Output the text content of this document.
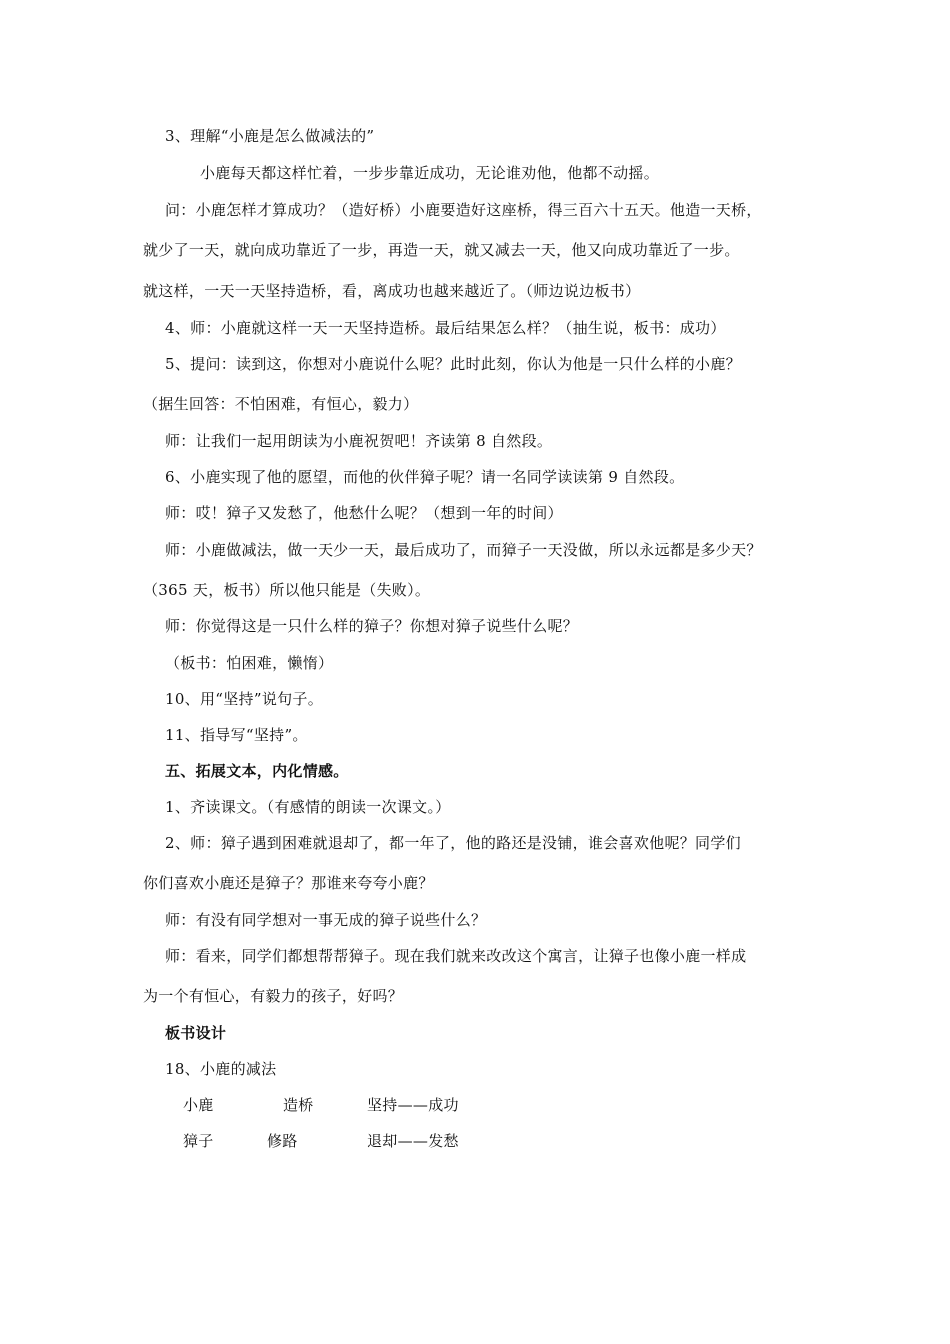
3、理解“小鹿是怎么做减法的”
小鹿每天都这样忙着，一步步靠近成功，无论谁劝他，他都不动摇。
问：小鹿怎样才算成功？（造好桥）小鹿要造好这座桥，得三百六十五天。他造一天桥，
就少了一天，就向成功靠近了一步，再造一天，就又减去一天，他又向成功靠近了一步。
就这样，一天一天坚持造桥，看，离成功也越来越近了。（师边说边板书）
4、师：小鹿就这样一天一天坚持造桥。最后结果怎么样？（抽生说，板书：成功）
5、提问：读到这，你想对小鹿说什么呢？此时此刻，你认为他是一只什么样的小鹿？
（据生回答：不怕困难，有恒心，毅力）
师：让我们一起用朗读为小鹿祝贺吧！齐读第 8 自然段。
6、小鹿实现了他的愿望，而他的伙伴獐子呢？请一名同学读读第 9 自然段。
师：哎！獐子又发愁了，他愁什么呢？（想到一年的时间）
师：小鹿做减法，做一天少一天，最后成功了，而獐子一天没做，所以永远都是多少天？
（365 天，板书）所以他只能是（失败）。
师：你觉得这是一只什么样的獐子？你想对獐子说些什么呢？
（板书：怕困难，懒惰）
10、用“坚持”说句子。
11、指导写“坚持”。
五、拓展文本，内化情感。
1、齐读课文。（有感情的朗读一次课文。）
2、师：獐子遇到困难就退却了，都一年了，他的路还是没铺，谁会喜欢他呢？同学们
你们喜欢小鹿还是獐子？那谁来夸夸小鹿？
师：有没有同学想对一事无成的獐子说些什么？
师：看来，同学们都想帮帮獐子。现在我们就来改改这个寓言，让獐子也像小鹿一样成
为一个有恒心，有毅力的孩子，好吗？
板书设计
18、小鹿的减法
小鹿	造桥	坚持——成功
獐子	修路	退却——发愁
